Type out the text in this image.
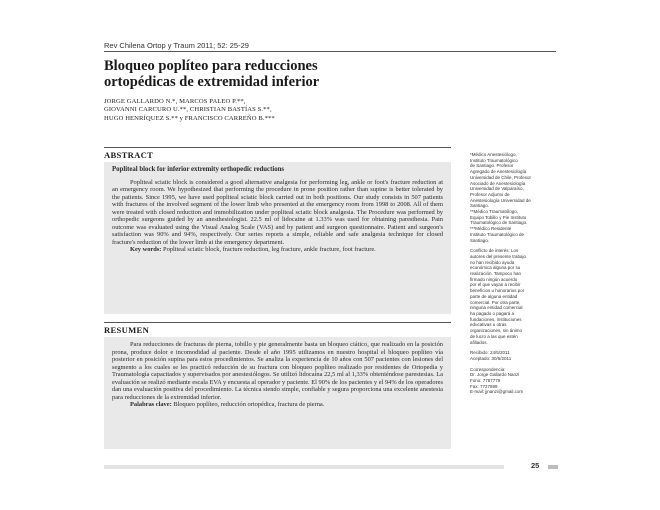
Rev Chilena Ortop y Traum 2011; 52: 25-29
Bloqueo poplíteo para reducciones
ortopédicas de extremidad inferior
JORGE GALLARDO N.*, MARCOS PALEO P.**,
GIOVANNI CARCURO U.**, CHRISTIAN BASTÍAS S.**,
HUGO HENRÍQUEZ S.** y FRANCISCO CARREÑO B.***
ABSTRACT

Popliteal block for inferior extremity orthopedic reductions

Popliteal sciatic block is considered a good alternative analgesia for performing leg, ankle or foot's fracture reduction at an emergency room. We hypothesized that performing the procedure in prone position rather than supine is better tolerated by the patients. Since 1995, we have used popliteal sciatic block carried out in both positions. Our study consists in 507 patients with fractures of the involved segment of the lower limb who presented at the emergency room from 1998 to 2008. All of them were treated with closed reduction and immobilization under popliteal sciatic block analgesia. The Procedure was performed by orthopedic surgeons guided by an anesthesiologist. 22.5 ml of lidocaine at 1.33% was used for obtaining paresthesia. Pain outcome was evaluated using the Visual Analog Scale (VAS) and by patient and surgeon questionnaire. Patient and surgeon's satisfaction was 90% and 94%, respectively. Our series reports a simple, reliable and safe analgesia technique for closed fracture's reduction of the lower limb at the emergency department.

Key words: Popliteal sciatic block, fracture reduction, leg fracture, ankle fracture, foot fracture.

RESUMEN

Para reducciones de fracturas de pierna, tobillo y pie generalmente basta un bloqueo ciático, que realizado en la posición prona, produce dolor e incomodidad al paciente. Desde el año 1995 utilizamos en nuestro hospital el bloqueo poplíteo vía posterior en posición supina para estos procedimientos. Se analiza la experiencia de 10 años con 507 pacientes con lesiones del segmento a los cuales se les practicó reducción de su fractura con bloqueo poplíteo realizado por residentes de Ortopedia y Traumatología capacitados y supervisados por anestesiólogos. Se utilizó lidocaína 22,5 ml al 1,33% obteniéndose parestesias. La evaluación se realizó mediante escala EVA y encuesta al operador y paciente. El 90% de los pacientes y el 94% de los operadores dan una evaluación positiva del procedimiento. La técnica siendo simple, confiable y segura proporciona una excelente anestesia para reducciones de la extremidad inferior.

Palabras clave: Bloqueo poplíteo, reducción ortopédica, fractura de pierna.

*Médico Anestesiólogo,
Instituto Traumatológico
de Santiago. Profesor
Agregado de Anestesiología
Universidad de Chile, Profesor
Asociado de Anestesiología
Universidad de Valparaíso,
Profesor Adjunto de
Anestesiología Universidad de
Santiago.
**Médico Traumatólogo,
Equipo Tobillo y Pie Instituto
Traumatológico de Santiago.
***Médico Residente
Instituto Traumatológico de
Santiago.
Conflicto de interés: Los
autores del presente trabajo
no han recibido ayuda
económica alguna por su
realización. Tampoco han
firmado ningún acuerdo
por el que vayan a recibir
beneficios u honorarios por
parte de alguna entidad
comercial. Por otra parte,
ninguna entidad comercial
ha pagado o pagará a
fundaciones, instituciones
educativas u otras
organizaciones, sin ánimo
de lucro a las que estén
afiliados.
Recibido: 24/5/2011
Aceptado: 30/5/2011
Correspondencia:
Dr. Jorge Gallardo Nanzi
Fono: 7787779
Fax: 7727899
E-mail: jjnanzi@gmail.com
25
